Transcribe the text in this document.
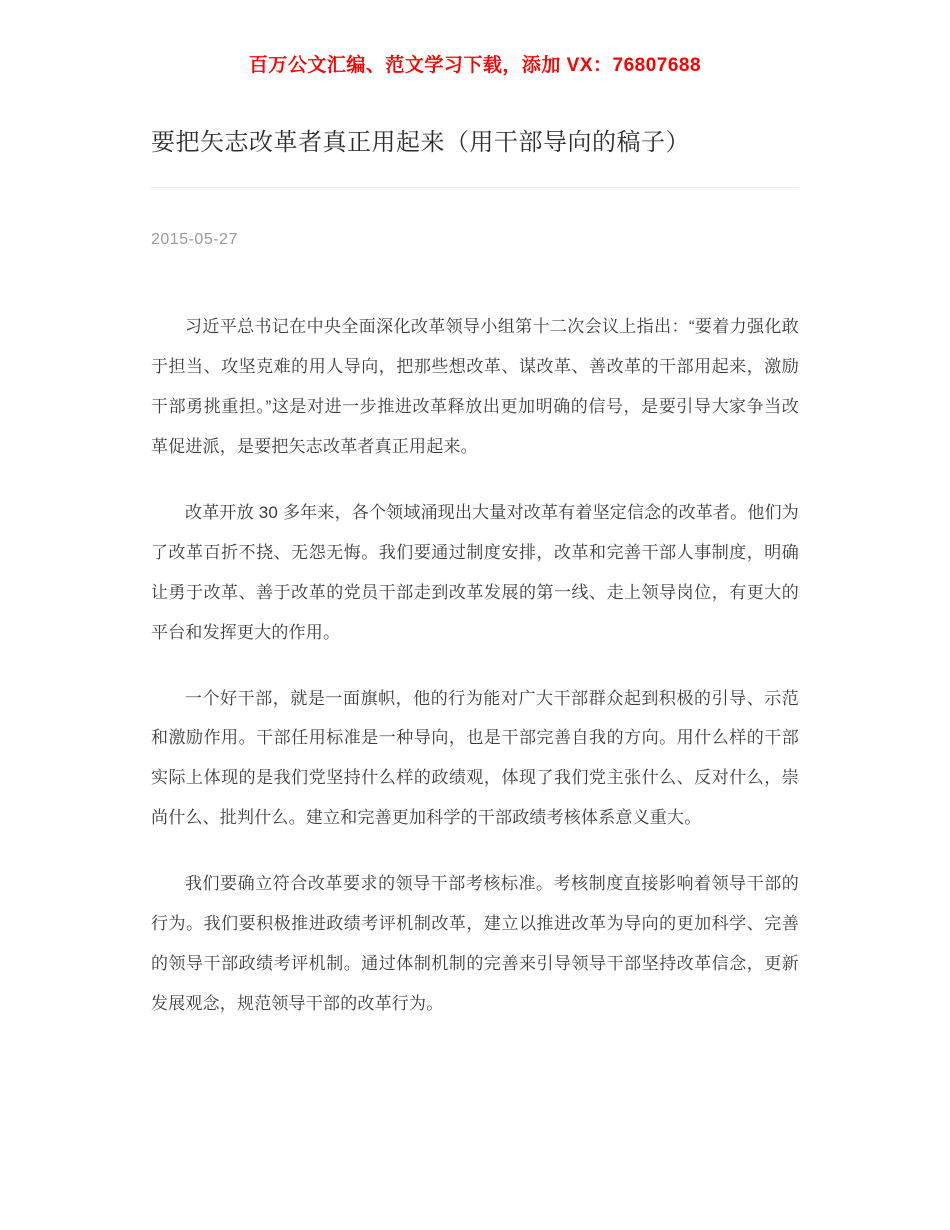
百万公文汇编、范文学习下载，添加 VX：76807688
要把矢志改革者真正用起来（用干部导向的稿子）
2015-05-27

习近平总书记在中央全面深化改革领导小组第十二次会议上指出：“要着力强化敢于担当、攻坚克难的用人导向，把那些想改革、谋改革、善改革的干部用起来，激励干部勇挑重担。”这是对进一步推进改革释放出更加明确的信号，是要引导大家争当改革促进派，是要把矢志改革者真正用起来。

改革开放 30 多年来，各个领域涌现出大量对改革有着坚定信念的改革者。他们为了改革百折不挠、无怨无悔。我们要通过制度安排，改革和完善干部人事制度，明确让勇于改革、善于改革的党员干部走到改革发展的第一线、走上领导岗位，有更大的平台和发挥更大的作用。

一个好干部，就是一面旗帜，他的行为能对广大干部群众起到积极的引导、示范和激励作用。干部任用标准是一种导向，也是干部完善自我的方向。用什么样的干部实际上体现的是我们党坚持什么样的政绩观，体现了我们党主张什么、反对什么，崇尚什么、批判什么。建立和完善更加科学的干部政绩考核体系意义重大。

我们要确立符合改革要求的领导干部考核标准。考核制度直接影响着领导干部的行为。我们要积极推进政绩考评机制改革，建立以推进改革为导向的更加科学、完善的领导干部政绩考评机制。通过体制机制的完善来引导领导干部坚持改革信念，更新发展观念，规范领导干部的改革行为。
